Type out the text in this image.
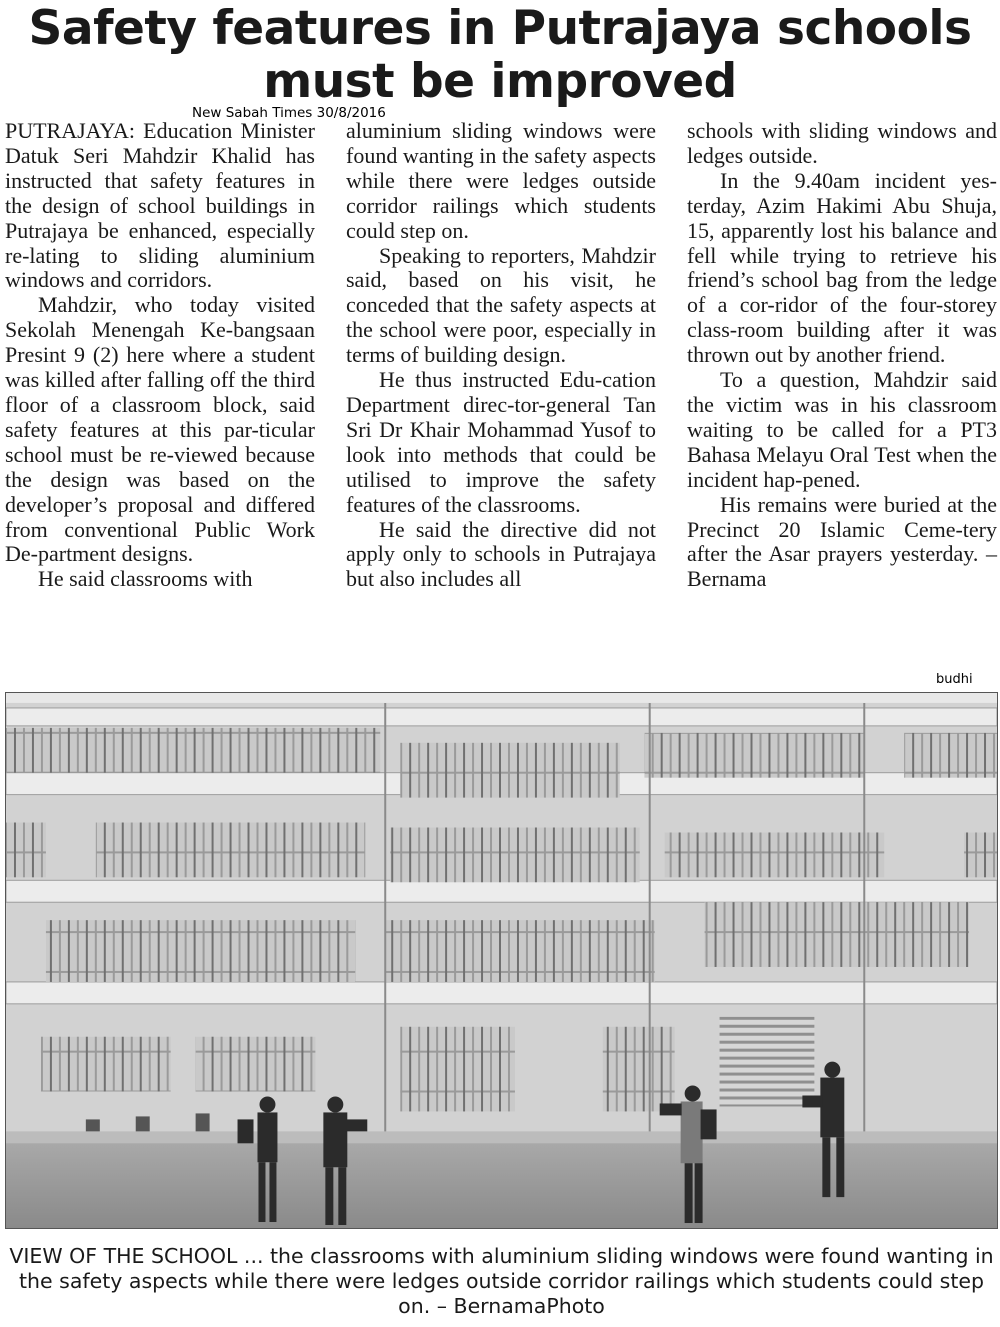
Safety features in Putrajaya schools
must be improved
New Sabah Times 30/8/2016

PUTRAJAYA: Education Minister Datuk Seri Mahdzir Khalid has instructed that safety features in the design of school buildings in Putrajaya be enhanced, especially re-lating to sliding aluminium windows and corridors.

Mahdzir, who today visited Sekolah Menengah Ke-bangsaan Presint 9 (2) here where a student was killed after falling off the third floor of a classroom block, said safety features at this par-ticular school must be re-viewed because the design was based on the developer’s proposal and differed from conventional Public Work De-partment designs.

He said classrooms with

aluminium sliding windows were found wanting in the safety aspects while there were ledges outside corridor railings which students could step on.

Speaking to reporters, Mahdzir said, based on his visit, he conceded that the safety aspects at the school were poor, especially in terms of building design.

He thus instructed Edu-cation Department direc-tor-general Tan Sri Dr Khair Mohammad Yusof to look into methods that could be utilised to improve the safety features of the classrooms.

He said the directive did not apply only to schools in Putrajaya but also includes all

schools with sliding windows and ledges outside.

In the 9.40am incident yes-terday, Azim Hakimi Abu Shuja, 15, apparently lost his balance and fell while trying to retrieve his friend’s school bag from the ledge of a cor-ridor of the four-storey class-room building after it was thrown out by another friend.

To a question, Mahdzir said the victim was in his classroom waiting to be called for a PT3 Bahasa Melayu Oral Test when the incident hap-pened.

His remains were buried at the Precinct 20 Islamic Ceme-tery after the Asar prayers yesterday. – Bernama

budhi
VIEW OF THE SCHOOL ... the classrooms with aluminium sliding windows were found wanting in the safety aspects while there were ledges outside corridor railings which students could step on. – BernamaPhoto
